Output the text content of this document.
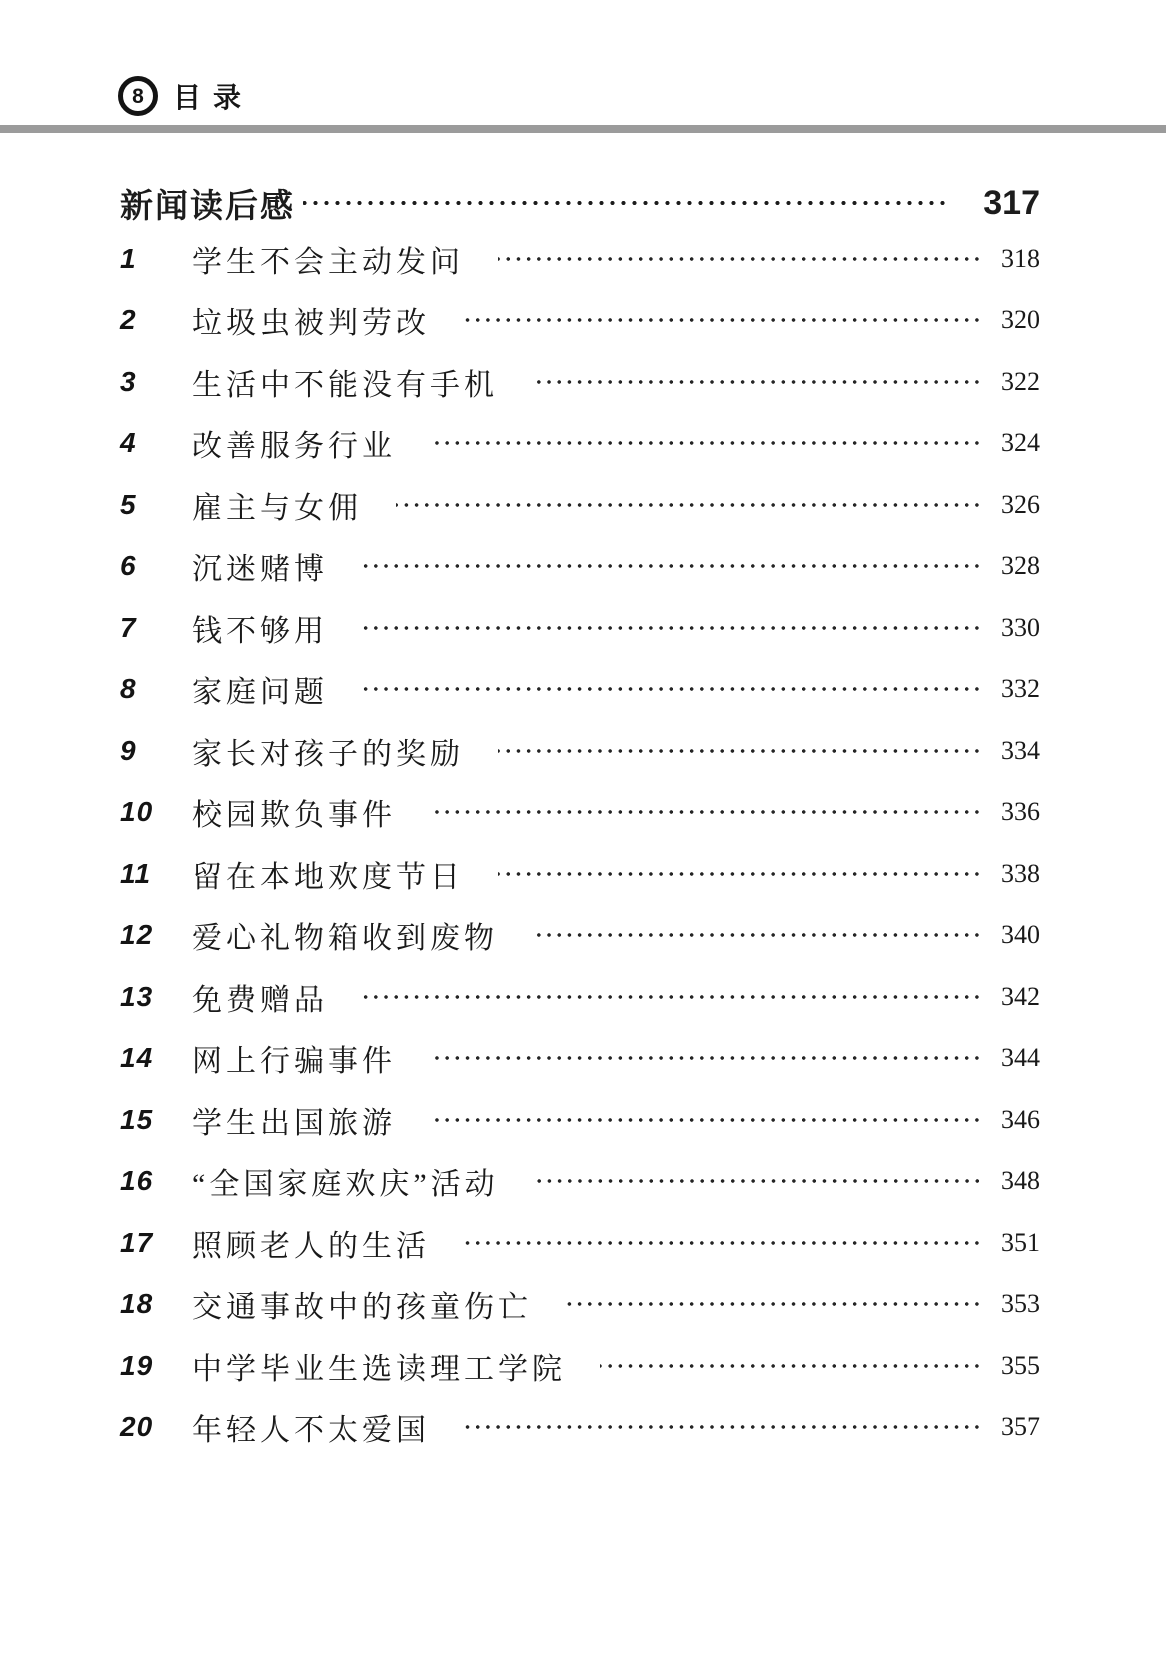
8	目录
新闻读后感	317
1	学生不会主动发问	318
2	垃圾虫被判劳改	320
3	生活中不能没有手机	322
4	改善服务行业	324
5	雇主与女佣	326
6	沉迷赌博	328
7	钱不够用	330
8	家庭问题	332
9	家长对孩子的奖励	334
10	校园欺负事件	336
11	留在本地欢度节日	338
12	爱心礼物箱收到废物	340
13	免费赠品	342
14	网上行骗事件	344
15	学生出国旅游	346
16	“全国家庭欢庆”活动	348
17	照顾老人的生活	351
18	交通事故中的孩童伤亡	353
19	中学毕业生选读理工学院	355
20	年轻人不太爱国	357
